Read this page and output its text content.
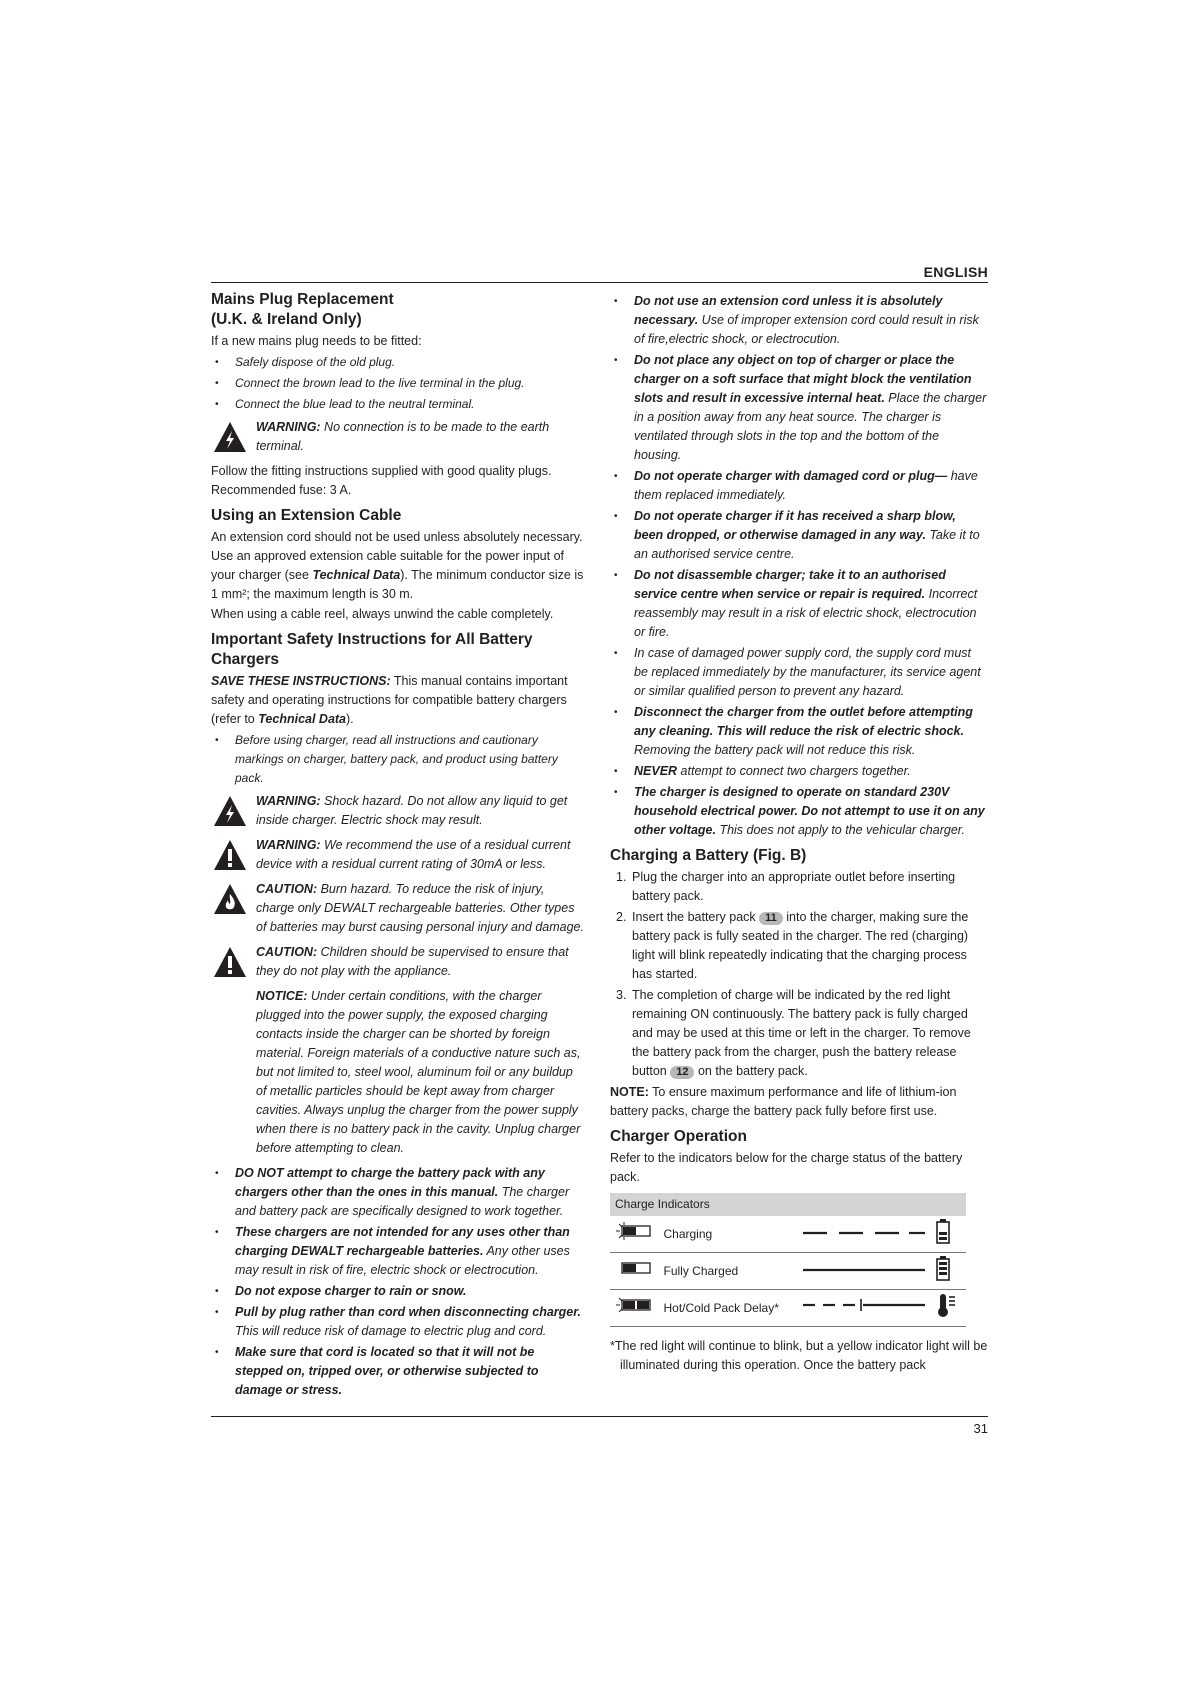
ENGLISH
Mains Plug Replacement
(U.K. & Ireland Only)

If a new mains plug needs to be fitted:

• Safely dispose of the old plug.
• Connect the brown lead to the live terminal in the plug.
• Connect the blue lead to the neutral terminal.
WARNING: No connection is to be made to the earth terminal.

Follow the fitting instructions supplied with good quality plugs. Recommended fuse: 3 A.

Using an Extension Cable

An extension cord should not be used unless absolutely necessary. Use an approved extension cable suitable for the power input of your charger (see Technical Data). The minimum conductor size is 1 mm²; the maximum length is 30 m.

When using a cable reel, always unwind the cable completely.

Important Safety Instructions for All Battery Chargers

SAVE THESE INSTRUCTIONS: This manual contains important safety and operating instructions for compatible battery chargers (refer to Technical Data).

• Before using charger, read all instructions and cautionary markings on charger, battery pack, and product using battery pack.
WARNING: Shock hazard. Do not allow any liquid to get inside charger. Electric shock may result.
WARNING: We recommend the use of a residual current device with a residual current rating of 30mA or less.
CAUTION: Burn hazard. To reduce the risk of injury, charge only DEWALT rechargeable batteries. Other types of batteries may burst causing personal injury and damage.
CAUTION: Children should be supervised to ensure that they do not play with the appliance.
NOTICE: Under certain conditions, with the charger plugged into the power supply, the exposed charging contacts inside the charger can be shorted by foreign material. Foreign materials of a conductive nature such as, but not limited to, steel wool, aluminum foil or any buildup of metallic particles should be kept away from charger cavities. Always unplug the charger from the power supply when there is no battery pack in the cavity. Unplug charger before attempting to clean.
• DO NOT attempt to charge the battery pack with any chargers other than the ones in this manual. The charger and battery pack are specifically designed to work together.
• These chargers are not intended for any uses other than charging DEWALT rechargeable batteries. Any other uses may result in risk of fire, electric shock or electrocution.
• Do not expose charger to rain or snow.
• Pull by plug rather than cord when disconnecting charger. This will reduce risk of damage to electric plug and cord.
• Make sure that cord is located so that it will not be stepped on, tripped over, or otherwise subjected to damage or stress.
• Do not use an extension cord unless it is absolutely necessary. Use of improper extension cord could result in risk of fire,electric shock, or electrocution.
• Do not place any object on top of charger or place the charger on a soft surface that might block the ventilation slots and result in excessive internal heat. Place the charger in a position away from any heat source. The charger is ventilated through slots in the top and the bottom of the housing.
• Do not operate charger with damaged cord or plug— have them replaced immediately.
• Do not operate charger if it has received a sharp blow, been dropped, or otherwise damaged in any way. Take it to an authorised service centre.
• Do not disassemble charger; take it to an authorised service centre when service or repair is required. Incorrect reassembly may result in a risk of electric shock, electrocution or fire.
• In case of damaged power supply cord, the supply cord must be replaced immediately by the manufacturer, its service agent or similar qualified person to prevent any hazard.
• Disconnect the charger from the outlet before attempting any cleaning. This will reduce the risk of electric shock. Removing the battery pack will not reduce this risk.
• NEVER attempt to connect two chargers together.
• The charger is designed to operate on standard 230V household electrical power. Do not attempt to use it on any other voltage. This does not apply to the vehicular charger.
Charging a Battery (Fig. B)
1. Plug the charger into an appropriate outlet before inserting battery pack.
2. Insert the battery pack 11 into the charger, making sure the battery pack is fully seated in the charger. The red (charging) light will blink repeatedly indicating that the charging process has started.
3. The completion of charge will be indicated by the red light remaining ON continuously. The battery pack is fully charged and may be used at this time or left in the charger. To remove the battery pack from the charger, push the battery release button 12 on the battery pack.

NOTE: To ensure maximum performance and life of lithium-ion battery packs, charge the battery pack fully before first use.

Charger Operation

Refer to the indicators below for the charge status of the battery pack.

Charge Indicators			
	Charging		
	Fully Charged		
	Hot/Cold Pack Delay*		

*The red light will continue to blink, but a yellow indicator light will be illuminated during this operation. Once the battery pack

31
